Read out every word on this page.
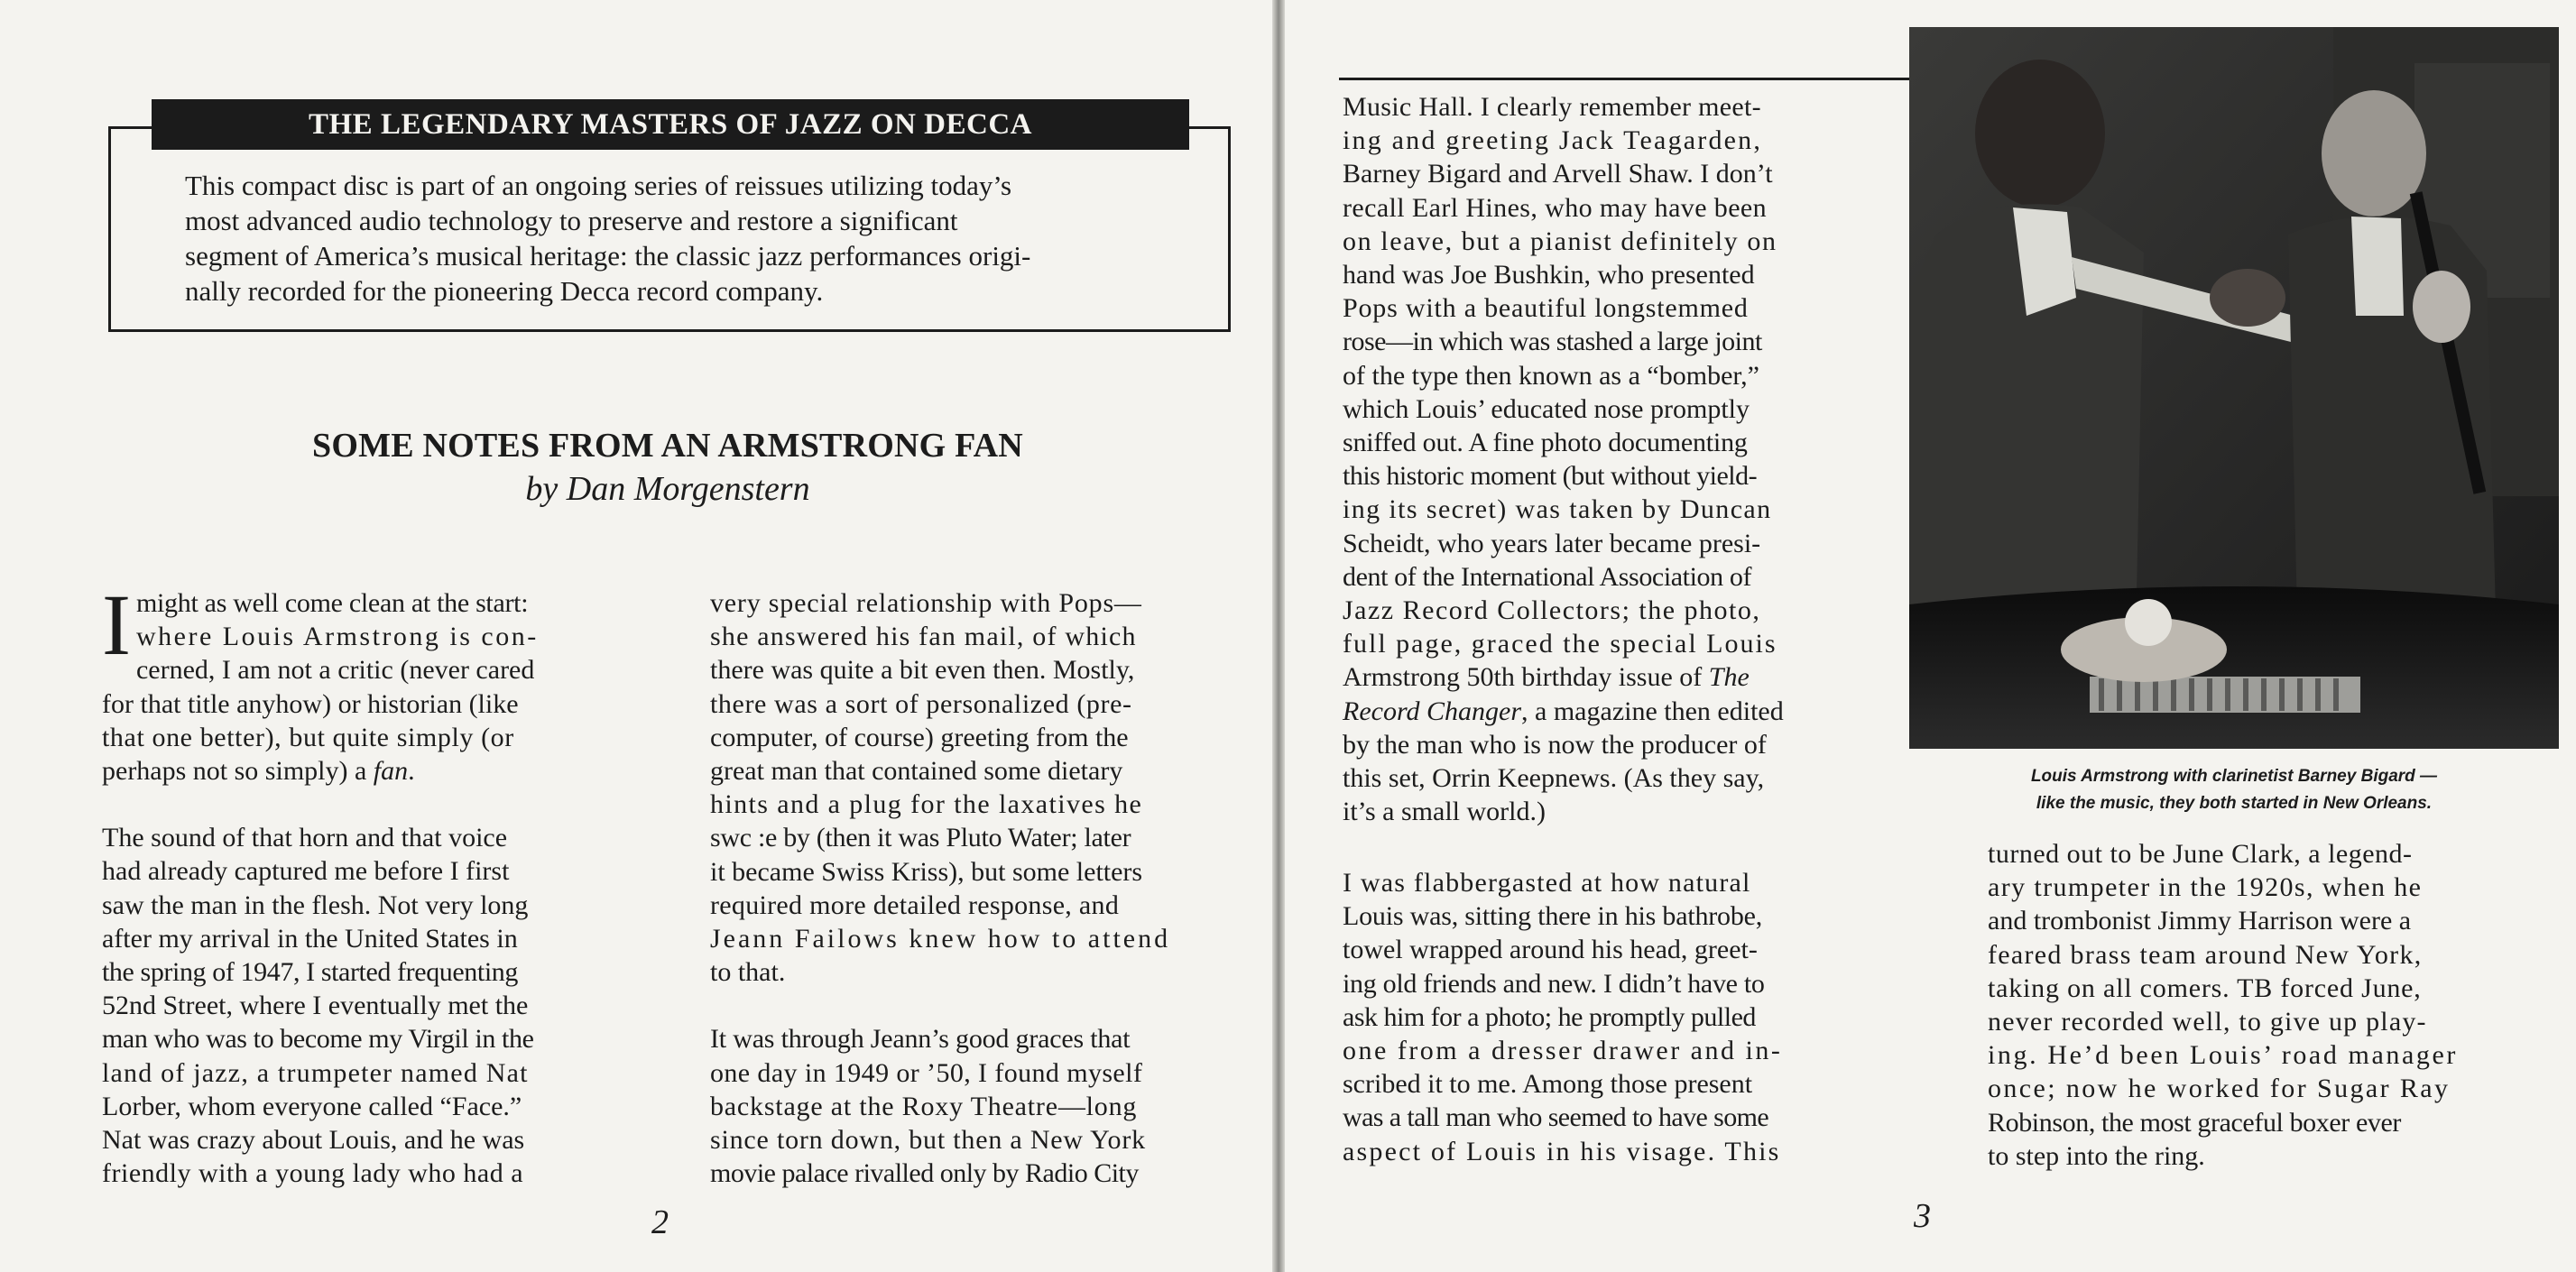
THE LEGENDARY MASTERS OF JAZZ ON DECCA
This compact disc is part of an ongoing series of reissues utilizing today’s
most advanced audio technology to preserve and restore a significant
segment of America’s musical heritage: the classic jazz performances origi-
nally recorded for the pioneering Decca record company.
SOME NOTES FROM AN ARMSTRONG FAN
by Dan Morgenstern
I might as well come clean at the start:
where Louis Armstrong is con-
cerned, I am not a critic (never cared
for that title anyhow) or historian (like
that one better), but quite simply (or
perhaps not so simply) a fan.
The sound of that horn and that voice
had already captured me before I first
saw the man in the flesh. Not very long
after my arrival in the United States in
the spring of 1947, I started frequenting
52nd Street, where I eventually met the
man who was to become my Virgil in the
land of jazz, a trumpeter named Nat
Lorber, whom everyone called “Face.”
Nat was crazy about Louis, and he was
friendly with a young lady who had a
very special relationship with Pops—
she answered his fan mail, of which
there was quite a bit even then. Mostly,
there was a sort of personalized (pre-
computer, of course) greeting from the
great man that contained some dietary
hints and a plug for the laxatives he
swc :e by (then it was Pluto Water; later
it became Swiss Kriss), but some letters
required more detailed response, and
Jeann Failows knew how to attend
to that.
It was through Jeann’s good graces that
one day in 1949 or ’50, I found myself
backstage at the Roxy Theatre—long
since torn down, but then a New York
movie palace rivalled only by Radio City
2
Music Hall. I clearly remember meet-
ing and greeting Jack Teagarden,
Barney Bigard and Arvell Shaw. I don’t
recall Earl Hines, who may have been
on leave, but a pianist definitely on
hand was Joe Bushkin, who presented
Pops with a beautiful longstemmed
rose—in which was stashed a large joint
of the type then known as a “bomber,”
which Louis’ educated nose promptly
sniffed out. A fine photo documenting
this historic moment (but without yield-
ing its secret) was taken by Duncan
Scheidt, who years later became presi-
dent of the International Association of
Jazz Record Collectors; the photo,
full page, graced the special Louis
Armstrong 50th birthday issue of The
Record Changer, a magazine then edited
by the man who is now the producer of
this set, Orrin Keepnews. (As they say,
it’s a small world.)
I was flabbergasted at how natural
Louis was, sitting there in his bathrobe,
towel wrapped around his head, greet-
ing old friends and new. I didn’t have to
ask him for a photo; he promptly pulled
one from a dresser drawer and in-
scribed it to me. Among those present
was a tall man who seemed to have some
aspect of Louis in his visage. This
Louis Armstrong with clarinetist Barney Bigard —
like the music, they both started in New Orleans.
turned out to be June Clark, a legend-
ary trumpeter in the 1920s, when he
and trombonist Jimmy Harrison were a
feared brass team around New York,
taking on all comers. TB forced June,
never recorded well, to give up play-
ing. He’d been Louis’ road manager
once; now he worked for Sugar Ray
Robinson, the most graceful boxer ever
to step into the ring.
3
